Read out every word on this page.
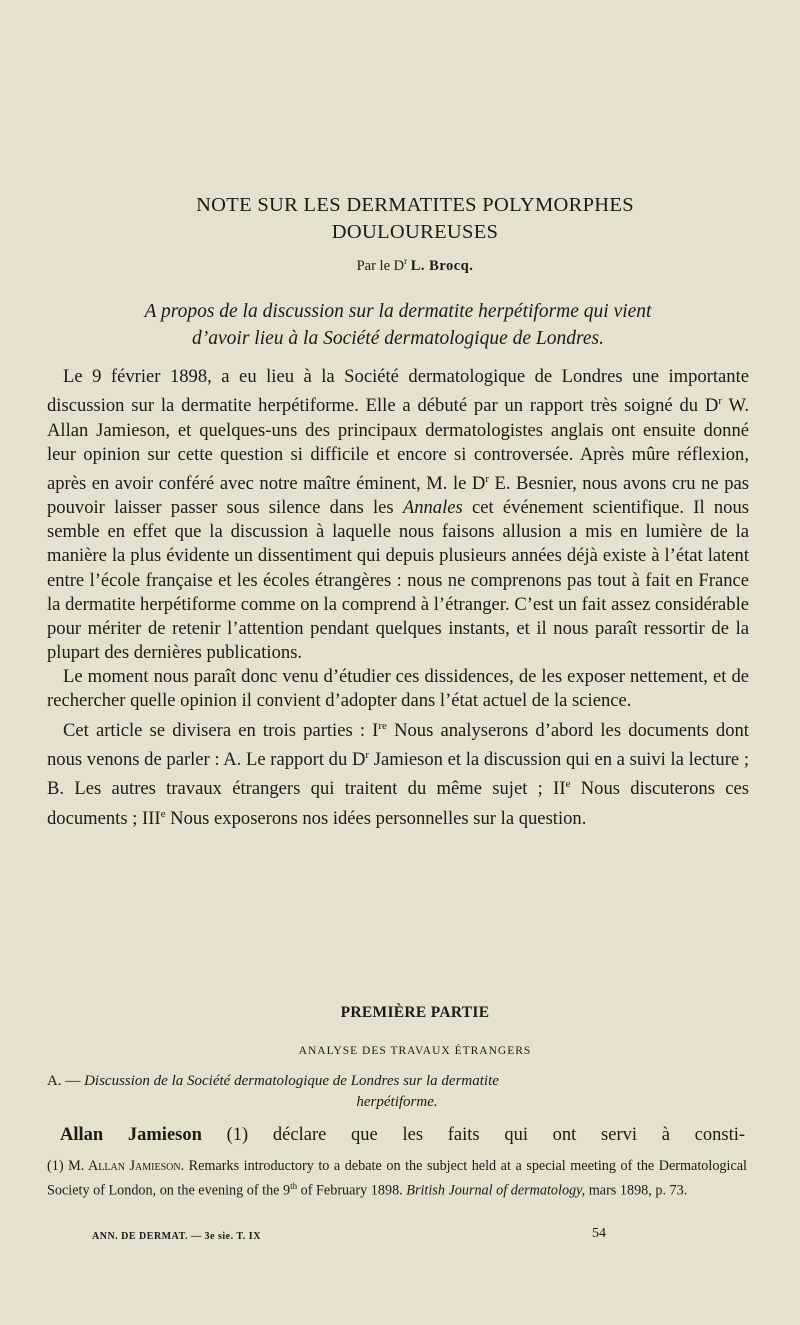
NOTE SUR LES DERMATITES POLYMORPHES
DOULOUREUSES
Par le $D^r$ L. Brocq.
A propos de la discussion sur la dermatite herpétiforme qui vient
d’avoir lieu à la Société dermatologique de Londres.

Le 9 février 1898, a eu lieu à la Société dermatologique de Londres une importante discussion sur la dermatite herpétiforme. Elle a débuté par un rapport très soigné du $D^r$ W. Allan Jamieson, et quelques-uns des principaux dermatologistes anglais ont ensuite donné leur opinion sur cette question si difficile et encore si controversée. Après mûre réflexion, après en avoir conféré avec notre maître éminent, M. le $D^r$ E. Besnier, nous avons cru ne pas pouvoir laisser passer sous silence dans les Annales cet événement scientifique. Il nous semble en effet que la discussion à laquelle nous faisons allusion a mis en lumière de la manière la plus évidente un dissentiment qui depuis plusieurs années déjà existe à l’état latent entre l’école française et les écoles étrangères : nous ne comprenons pas tout à fait en France la dermatite herpétiforme comme on la comprend à l’étranger. C’est un fait assez considérable pour mériter de retenir l’attention pendant quelques instants, et il nous paraît ressortir de la plupart des dernières publications.

Le moment nous paraît donc venu d’étudier ces dissidences, de les exposer nettement, et de rechercher quelle opinion il convient d’adopter dans l’état actuel de la science.

Cet article se divisera en trois parties : Ire Nous analyserons d’abord les documents dont nous venons de parler : A. Le rapport du $D^r$ Jamieson et la discussion qui en a suivi la lecture ; B. Les autres travaux étrangers qui traitent du même sujet ; IIe Nous discuterons ces documents ; IIIe Nous exposerons nos idées personnelles sur la question.

PREMIÈRE PARTIE
ANALYSE DES TRAVAUX ÉTRANGERS
A. — Discussion de la Société dermatologique de Londres sur la dermatite
herpétiforme.
Allan Jamieson (1) déclare que les faits qui ont servi à consti-
(1) M. Allan Jamieson. Remarks introductory to a debate on the subject held at a special meeting of the Dermatological Society of London, on the evening of the 9th of February 1898. British Journal of dermatology, mars 1898, p. 73.
ANN. DE DERMAT. — 3e sie. T. IX	54
